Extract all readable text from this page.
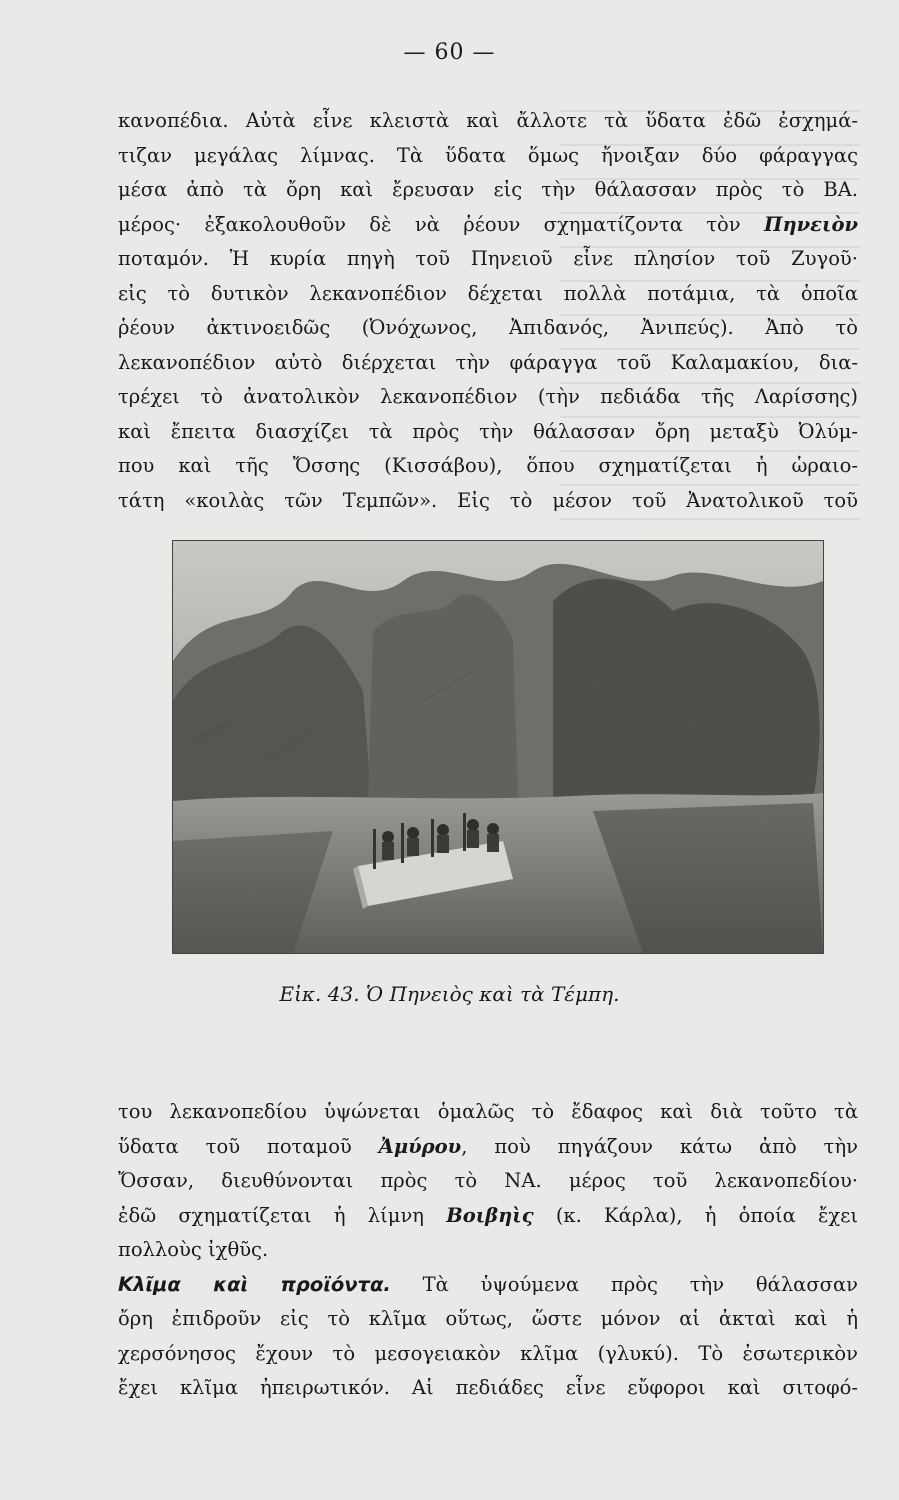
— 60 —
κανοπέδια. Αὐτὰ εἶνε κλειστὰ καὶ ἄλλοτε τὰ ὕδατα ἐδῶ ἐσχημά-
τιζαν μεγάλας λίμνας. Τὰ ὕδατα ὅμως ἤνοιξαν δύο φάραγγας
μέσα ἀπὸ τὰ ὄρη καὶ ἔρευσαν εἰς τὴν θάλασσαν πρὸς τὸ ΒΑ.
μέρος· ἐξακολουθοῦν δὲ νὰ ῥέουν σχηματίζοντα τὸν Πηνειὸν
ποταμόν. Ἡ κυρία πηγὴ τοῦ Πηνειοῦ εἶνε πλησίον τοῦ Ζυγοῦ·
εἰς τὸ δυτικὸν λεκανοπέδιον δέχεται πολλὰ ποτάμια, τὰ ὁποῖα
ῥέουν ἀκτινοειδῶς (Ὀνόχωνος, Ἀπιδανός, Ἀνιπεύς). Ἀπὸ τὸ
λεκανοπέδιον αὐτὸ διέρχεται τὴν φάραγγα τοῦ Καλαμακίου, δια-
τρέχει τὸ ἀνατολικὸν λεκανοπέδιον (τὴν πεδιάδα τῆς Λαρίσσης)
καὶ ἔπειτα διασχίζει τὰ πρὸς τὴν θάλασσαν ὄρη μεταξὺ Ὀλύμ-
που καὶ τῆς Ὄσσης (Κισσάβου), ὅπου σχηματίζεται ἡ ὡραιο-
τάτη «κοιλὰς τῶν Τεμπῶν». Εἰς τὸ μέσον τοῦ Ἀνατολικοῦ τοῦ
Εἰκ. 43. Ὁ Πηνειὸς καὶ τὰ Τέμπη.
του λεκανοπεδίου ὑψώνεται ὁμαλῶς τὸ ἔδαφος καὶ διὰ τοῦτο τὰ
ὕδατα τοῦ ποταμοῦ Ἀμύρου, ποὺ πηγάζουν κάτω ἀπὸ τὴν
Ὄσσαν, διευθύνονται πρὸς τὸ ΝΑ. μέρος τοῦ λεκανοπεδίου·
ἐδῶ σχηματίζεται ἡ λίμνη Βοιβηὶς (κ. Κάρλα), ἡ ὁποία ἔχει
πολλοὺς ἰχθῦς.
Κλῖμα καὶ προϊόντα. Τὰ ὑψούμενα πρὸς τὴν θάλασσαν
ὄρη ἐπιδροῦν εἰς τὸ κλῖμα οὕτως, ὥστε μόνον αἱ ἀκταὶ καὶ ἡ
χερσόνησος ἔχουν τὸ μεσογειακὸν κλῖμα (γλυκύ). Τὸ ἐσωτερικὸν
ἔχει κλῖμα ἠπειρωτικόν. Αἱ πεδιάδες εἶνε εὔφοροι καὶ σιτοφό-
